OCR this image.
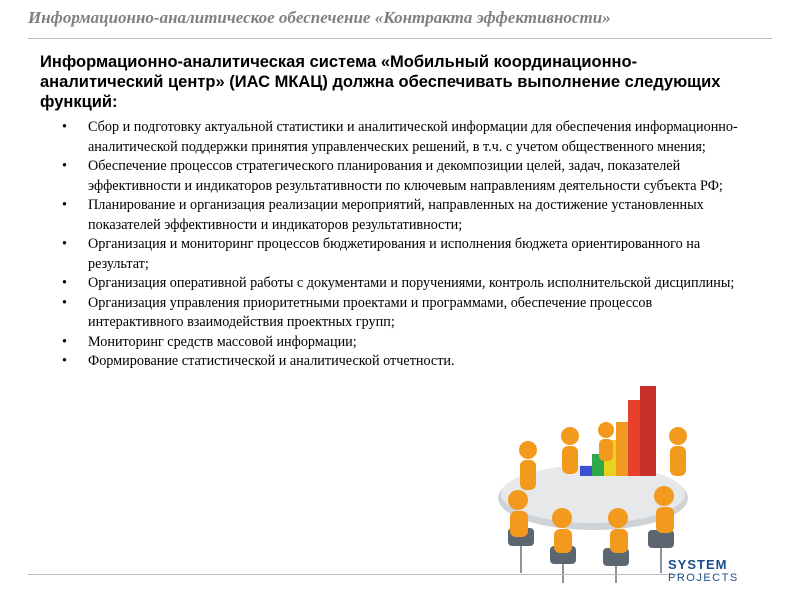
Информационно-аналитическое обеспечение «Контракта эффективности»
Информационно-аналитическая система «Мобильный координационно-аналитический центр» (ИАС МКАЦ) должна обеспечивать выполнение следующих функций:
• Сбор и подготовку актуальной статистики и аналитической информации для обеспечения информационно-аналитической поддержки принятия управленческих решений, в т.ч. с учетом общественного мнения;
• Обеспечение процессов стратегического планирования и декомпозиции целей, задач, показателей эффективности и индикаторов результативности по ключевым направлениям деятельности субъекта РФ;
• Планирование и организация реализации мероприятий, направленных на достижение установленных показателей эффективности и индикаторов результативности;
• Организация и мониторинг процессов бюджетирования и исполнения бюджета ориентированного на результат;
• Организация оперативной работы с документами и поручениями, контроль исполнительской дисциплины;
• Организация управления приоритетными проектами и программами, обеспечение процессов интерактивного взаимодействия проектных групп;
• Мониторинг средств массовой информации;
• Формирование статистической и аналитической отчетности.
SYSTEM
PROJECTS
